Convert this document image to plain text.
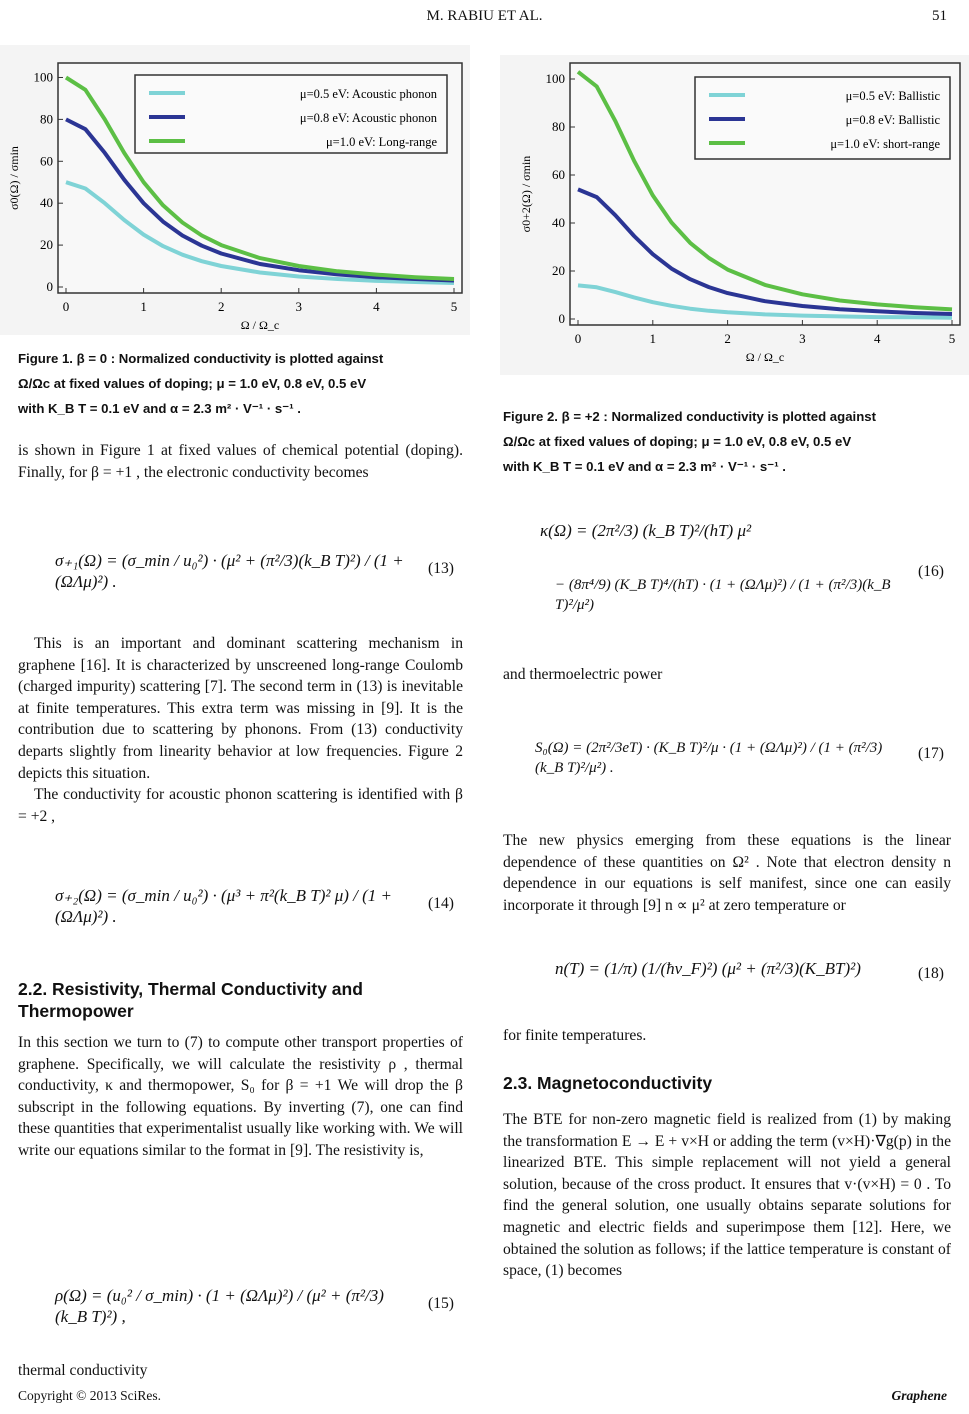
M. RABIU ET AL.	51
0	1	2	3	4	5
0
20
40
60
80
100
Ω / Ω_c
σ0(Ω) / σmin
μ=0.5 eV: Acoustic phonon
μ=0.8 eV: Acoustic phonon
μ=1.0 eV: Long-range
0	1	2	3	4	5
0
20
40
60
80
100
Ω / Ω_c
σ0+2(Ω) / σmin
μ=0.5 eV: Ballistic
μ=0.8 eV: Ballistic
μ=1.0 eV: short-range
Figure 1. β = 0 : Normalized conductivity is plotted against
Ω/Ωc at fixed values of doping; μ = 1.0 eV, 0.8 eV, 0.5 eV
with K_B T = 0.1 eV and α = 2.3 m² · V⁻¹ · s⁻¹ .
Figure 2. β = +2 : Normalized conductivity is plotted against
Ω/Ωc at fixed values of doping; μ = 1.0 eV, 0.8 eV, 0.5 eV
with K_B T = 0.1 eV and α = 2.3 m² · V⁻¹ · s⁻¹ .

is shown in Figure 1 at fixed values of chemical potential (doping). Finally, for β = +1 , the electronic conductivity becomes

σ₊₁(Ω) = (σ_min / u₀²) · (μ² + (π²/3)(k_B T)²) / (1 + (ΩΛμ)²) .
(13)

This is an important and dominant scattering mechanism in graphene [16]. It is characterized by unscreened long-range Coulomb (charged impurity) scattering [7]. The second term in (13) is inevitable at finite temperatures. This extra term was missing in [9]. It is the contribution due to scattering by phonons. From (13) conductivity departs slightly from linearity behavior at low frequencies. Figure 2 depicts this situation.

The conductivity for acoustic phonon scattering is identified with β = +2 ,

σ₊₂(Ω) = (σ_min / u₀²) · (μ³ + π²(k_B T)² μ) / (1 + (ΩΛμ)²) .
(14)
2.2. Resistivity, Thermal Conductivity and Thermopower

In this section we turn to (7) to compute other transport properties of graphene. Specifically, we will calculate the resistivity ρ , thermal conductivity, κ and thermopower, S₀ for β = +1 We will drop the β subscript in the following equations. By inverting (7), one can find these quantities that experimentalist usually like working with. We will write our equations similar to the format in [9]. The resistivity is,

ρ(Ω) = (u₀² / σ_min) · (1 + (ΩΛμ)²) / (μ² + (π²/3)(k_B T)²) ,
(15)

thermal conductivity

κ(Ω) = (2π²/3) (k_B T)²/(hT) μ²
− (8π⁴/9) (K_B T)⁴/(hT) · (1 + (ΩΛμ)²) / (1 + (π²/3)(k_B T)²/μ²)
(16)

and thermoelectric power

S₀(Ω) = (2π²/3eT) · (K_B T)²/μ · (1 + (ΩΛμ)²) / (1 + (π²/3)(k_B T)²/μ²) .
(17)

The new physics emerging from these equations is the linear dependence of these quantities on Ω² . Note that electron density n dependence in our equations is self manifest, since one can easily incorporate it through [9] n ∝ μ² at zero temperature or

n(T) = (1/π) (1/(ħv_F)²) (μ² + (π²/3)(K_BT)²)	(18)

for finite temperatures.

2.3. Magnetoconductivity

The BTE for non-zero magnetic field is realized from (1) by making the transformation E → E + v×H or adding the term (v×H)·∇g(p) in the linearized BTE. This simple replacement will not yield a general solution, because of the cross product. It ensures that v·(v×H) = 0 . To find the general solution, one usually obtains separate solutions for magnetic and electric fields and superimpose them [12]. Here, we obtained the solution as follows; if the lattice temperature is constant of space, (1) becomes

Copyright © 2013 SciRes.	Graphene
